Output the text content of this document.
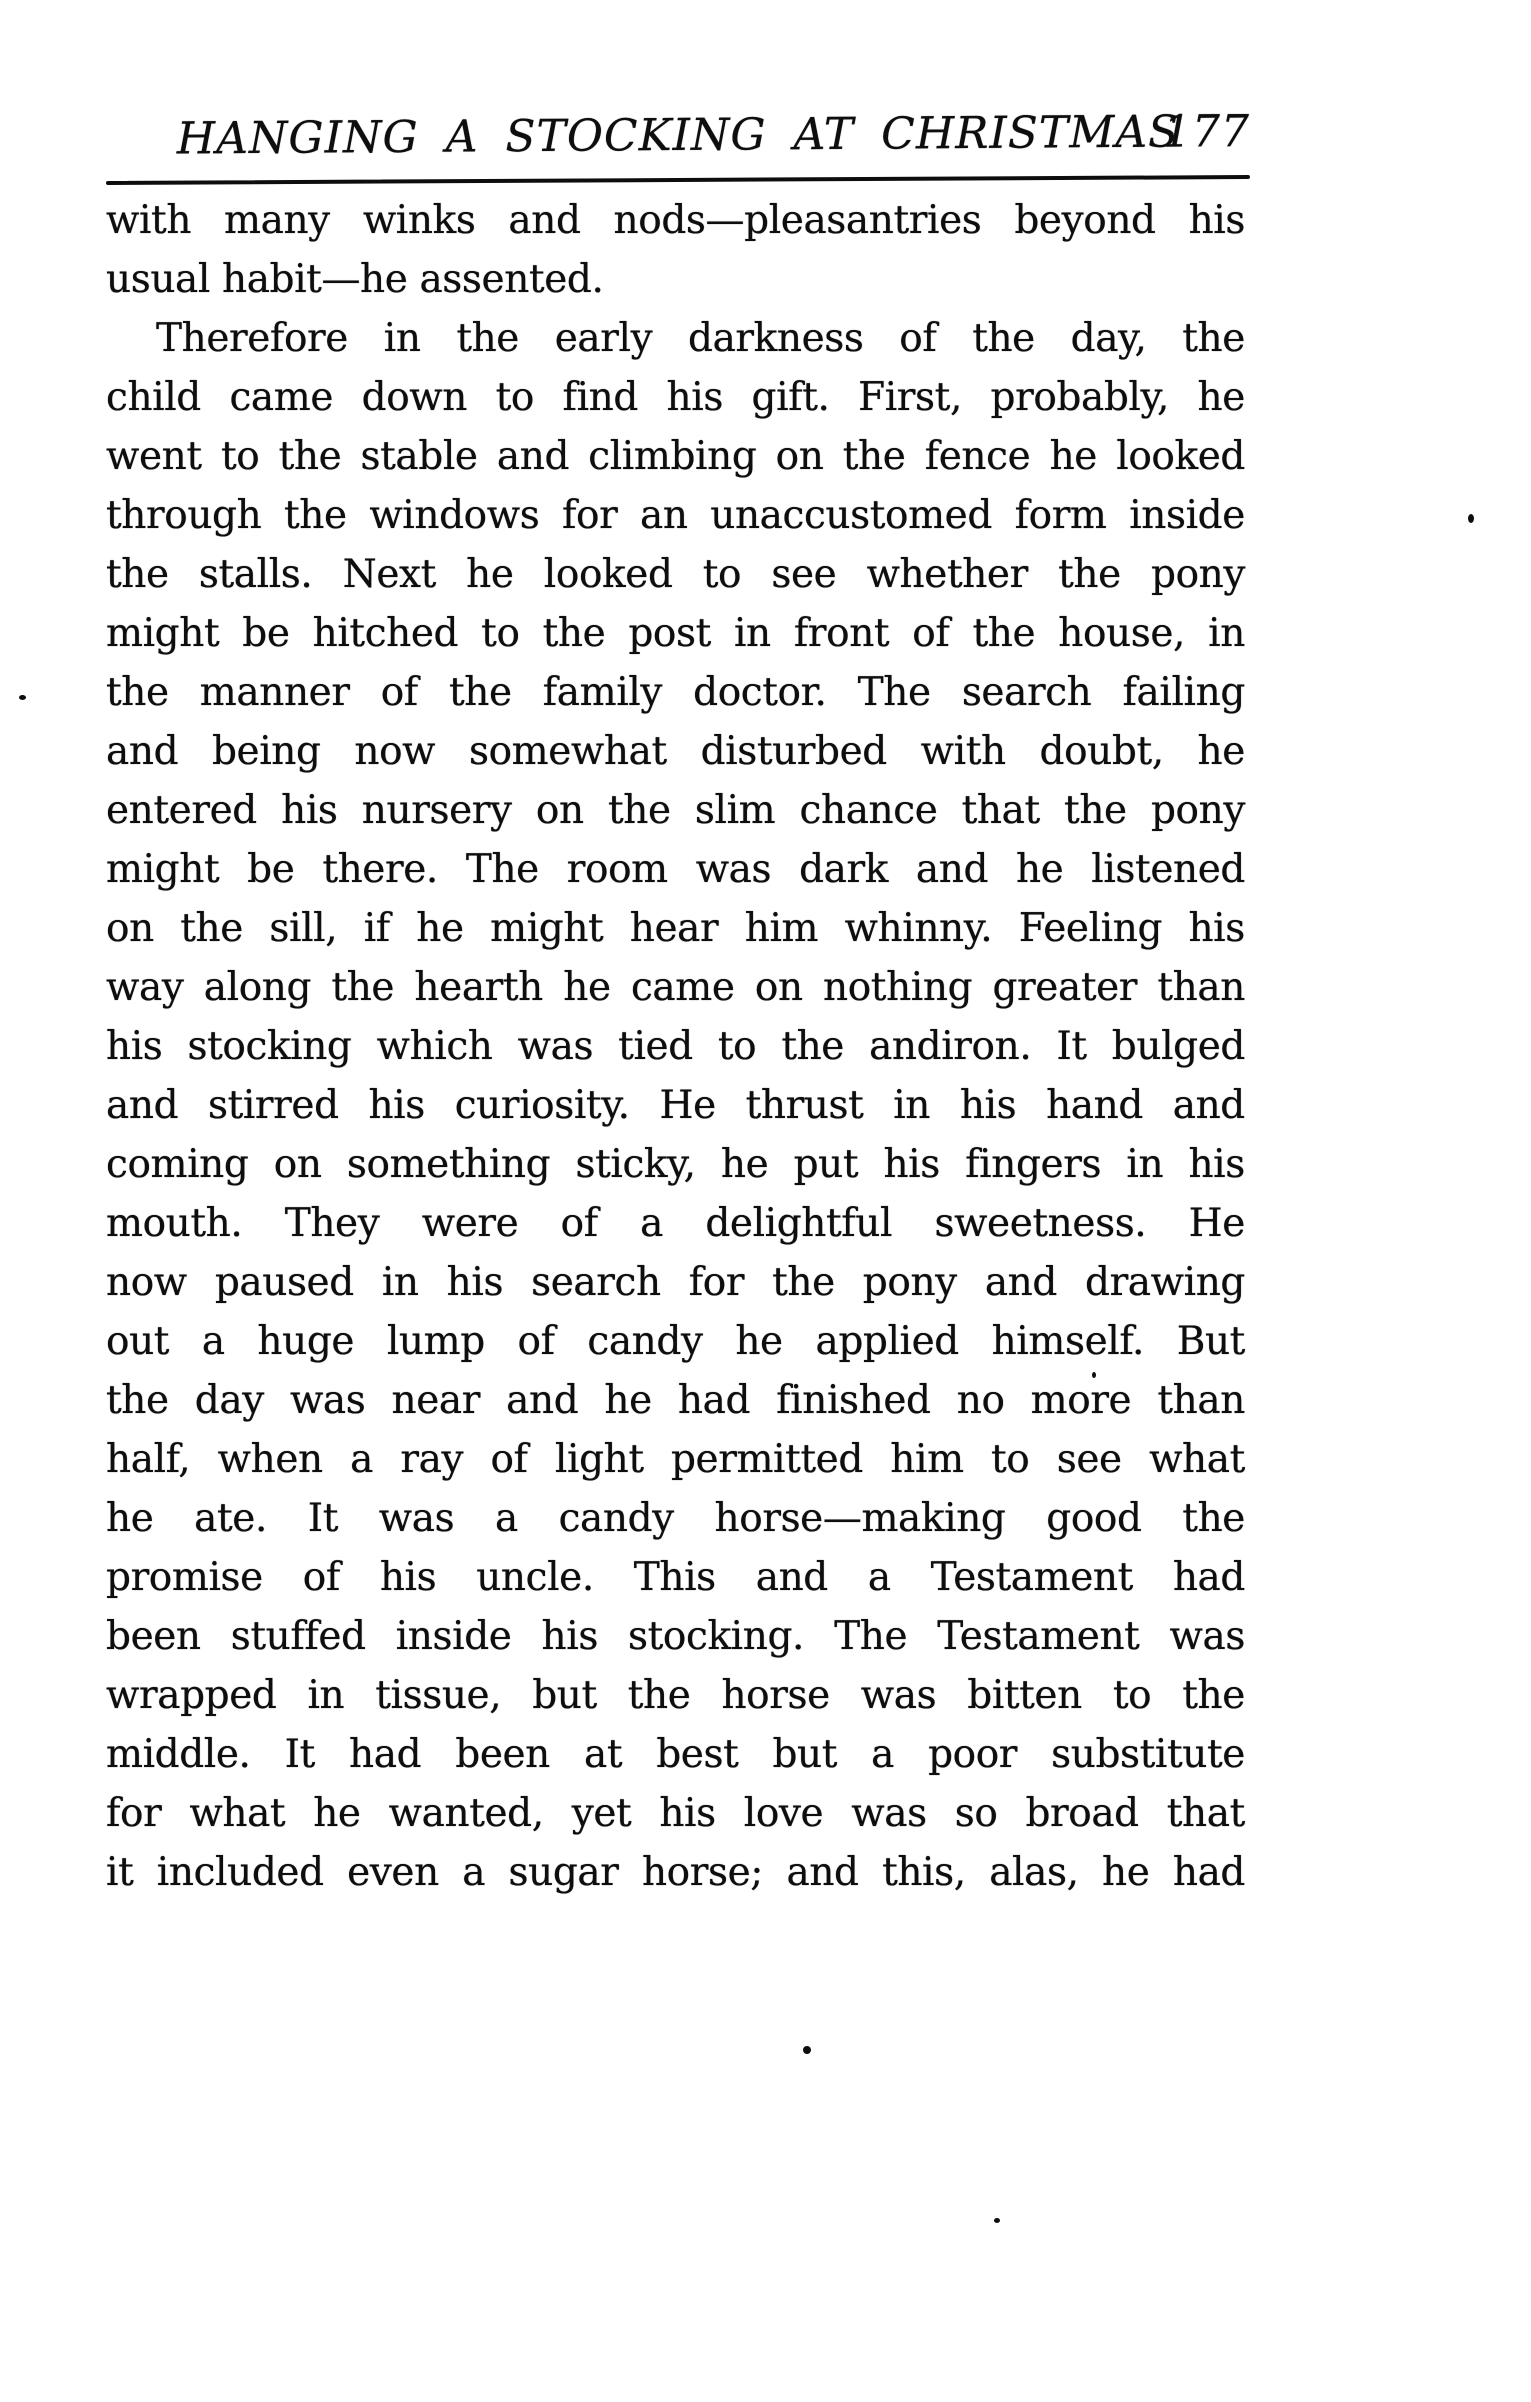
HANGING A STOCKING AT CHRISTMAS
177
with many winks and nods—pleasantries beyond his
usual habit—he assented.
Therefore in the early darkness of the day, the
child came down to find his gift. First, probably, he
went to the stable and climbing on the fence he looked
through the windows for an unaccustomed form inside
the stalls. Next he looked to see whether the pony
might be hitched to the post in front of the house, in
the manner of the family doctor. The search failing
and being now somewhat disturbed with doubt, he
entered his nursery on the slim chance that the pony
might be there. The room was dark and he listened
on the sill, if he might hear him whinny. Feeling his
way along the hearth he came on nothing greater than
his stocking which was tied to the andiron. It bulged
and stirred his curiosity. He thrust in his hand and
coming on something sticky, he put his fingers in his
mouth. They were of a delightful sweetness. He
now paused in his search for the pony and drawing
out a huge lump of candy he applied himself. But
the day was near and he had finished no more than
half, when a ray of light permitted him to see what
he ate. It was a candy horse—making good the
promise of his uncle. This and a Testament had
been stuffed inside his stocking. The Testament was
wrapped in tissue, but the horse was bitten to the
middle. It had been at best but a poor substitute
for what he wanted, yet his love was so broad that
it included even a sugar horse; and this, alas, he had
